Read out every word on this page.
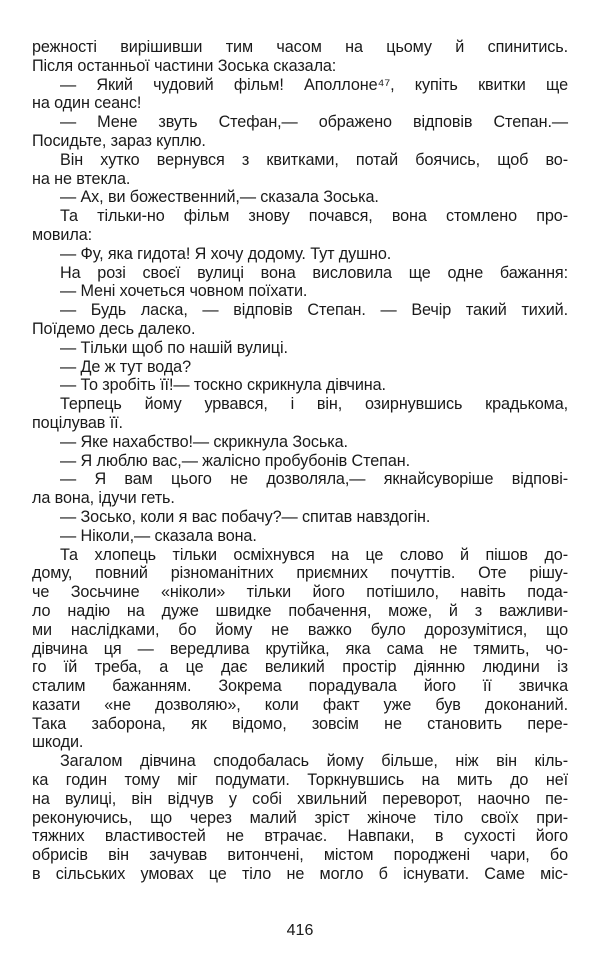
режності вирішивши тим часом на цьому й спинитись.
Після останньої частини Зоська сказала:
— Який чудовий фільм! Аполлоне⁴⁷, купіть квитки ще
на один сеанс!
— Мене звуть Стефан,— ображено відповів Степан.—
Посидьте, зараз куплю.
Він хутко вернувся з квитками, потай боячись, щоб во-
на не втекла.
— Ах, ви божественний,— сказала Зоська.
Та тільки-но фільм знову почався, вона стомлено про-
мовила:
— Фу, яка гидота! Я хочу додому. Тут душно.
На розі своєї вулиці вона висловила ще одне бажання:
— Мені хочеться човном поїхати.
— Будь ласка, — відповів Степан. — Вечір такий тихий.
Поїдемо десь далеко.
— Тільки щоб по нашій вулиці.
— Де ж тут вода?
— То зробіть її!— тоскно скрикнула дівчина.
Терпець йому урвався, і він, озирнувшись крадькома,
поцілував її.
— Яке нахабство!— скрикнула Зоська.
— Я люблю вас,— жалісно пробубонів Степан.
— Я вам цього не дозволяла,— якнайсуворіше відпові-
ла вона, ідучи геть.
— Зосько, коли я вас побачу?— спитав навздогін.
— Ніколи,— сказала вона.
Та хлопець тільки осміхнувся на це слово й пішов до-
дому, повний різноманітних приємних почуттів. Оте рішу-
че Зосьчине «ніколи» тільки його потішило, навіть пода-
ло надію на дуже швидке побачення, може, й з важливи-
ми наслідками, бо йому не важко було дорозумітися, що
дівчина ця — вередлива крутійка, яка сама не тямить, чо-
го їй треба, а це дає великий простір діянню людини із
сталим бажанням. Зокрема порадувала його її звичка
казати «не дозволяю», коли факт уже був доконаний.
Така заборона, як відомо, зовсім не становить пере-
шкоди.
Загалом дівчина сподобалась йому більше, ніж він кіль-
ка годин тому міг подумати. Торкнувшись на мить до неї
на вулиці, він відчув у собі хвильний переворот, наочно пе-
реконуючись, що через малий зріст жіноче тіло своїх при-
тяжних властивостей не втрачає. Навпаки, в сухості його
обрисів він зачував витончені, містом породжені чари, бо
в сільських умовах це тіло не могло б існувати. Саме міс-
416
